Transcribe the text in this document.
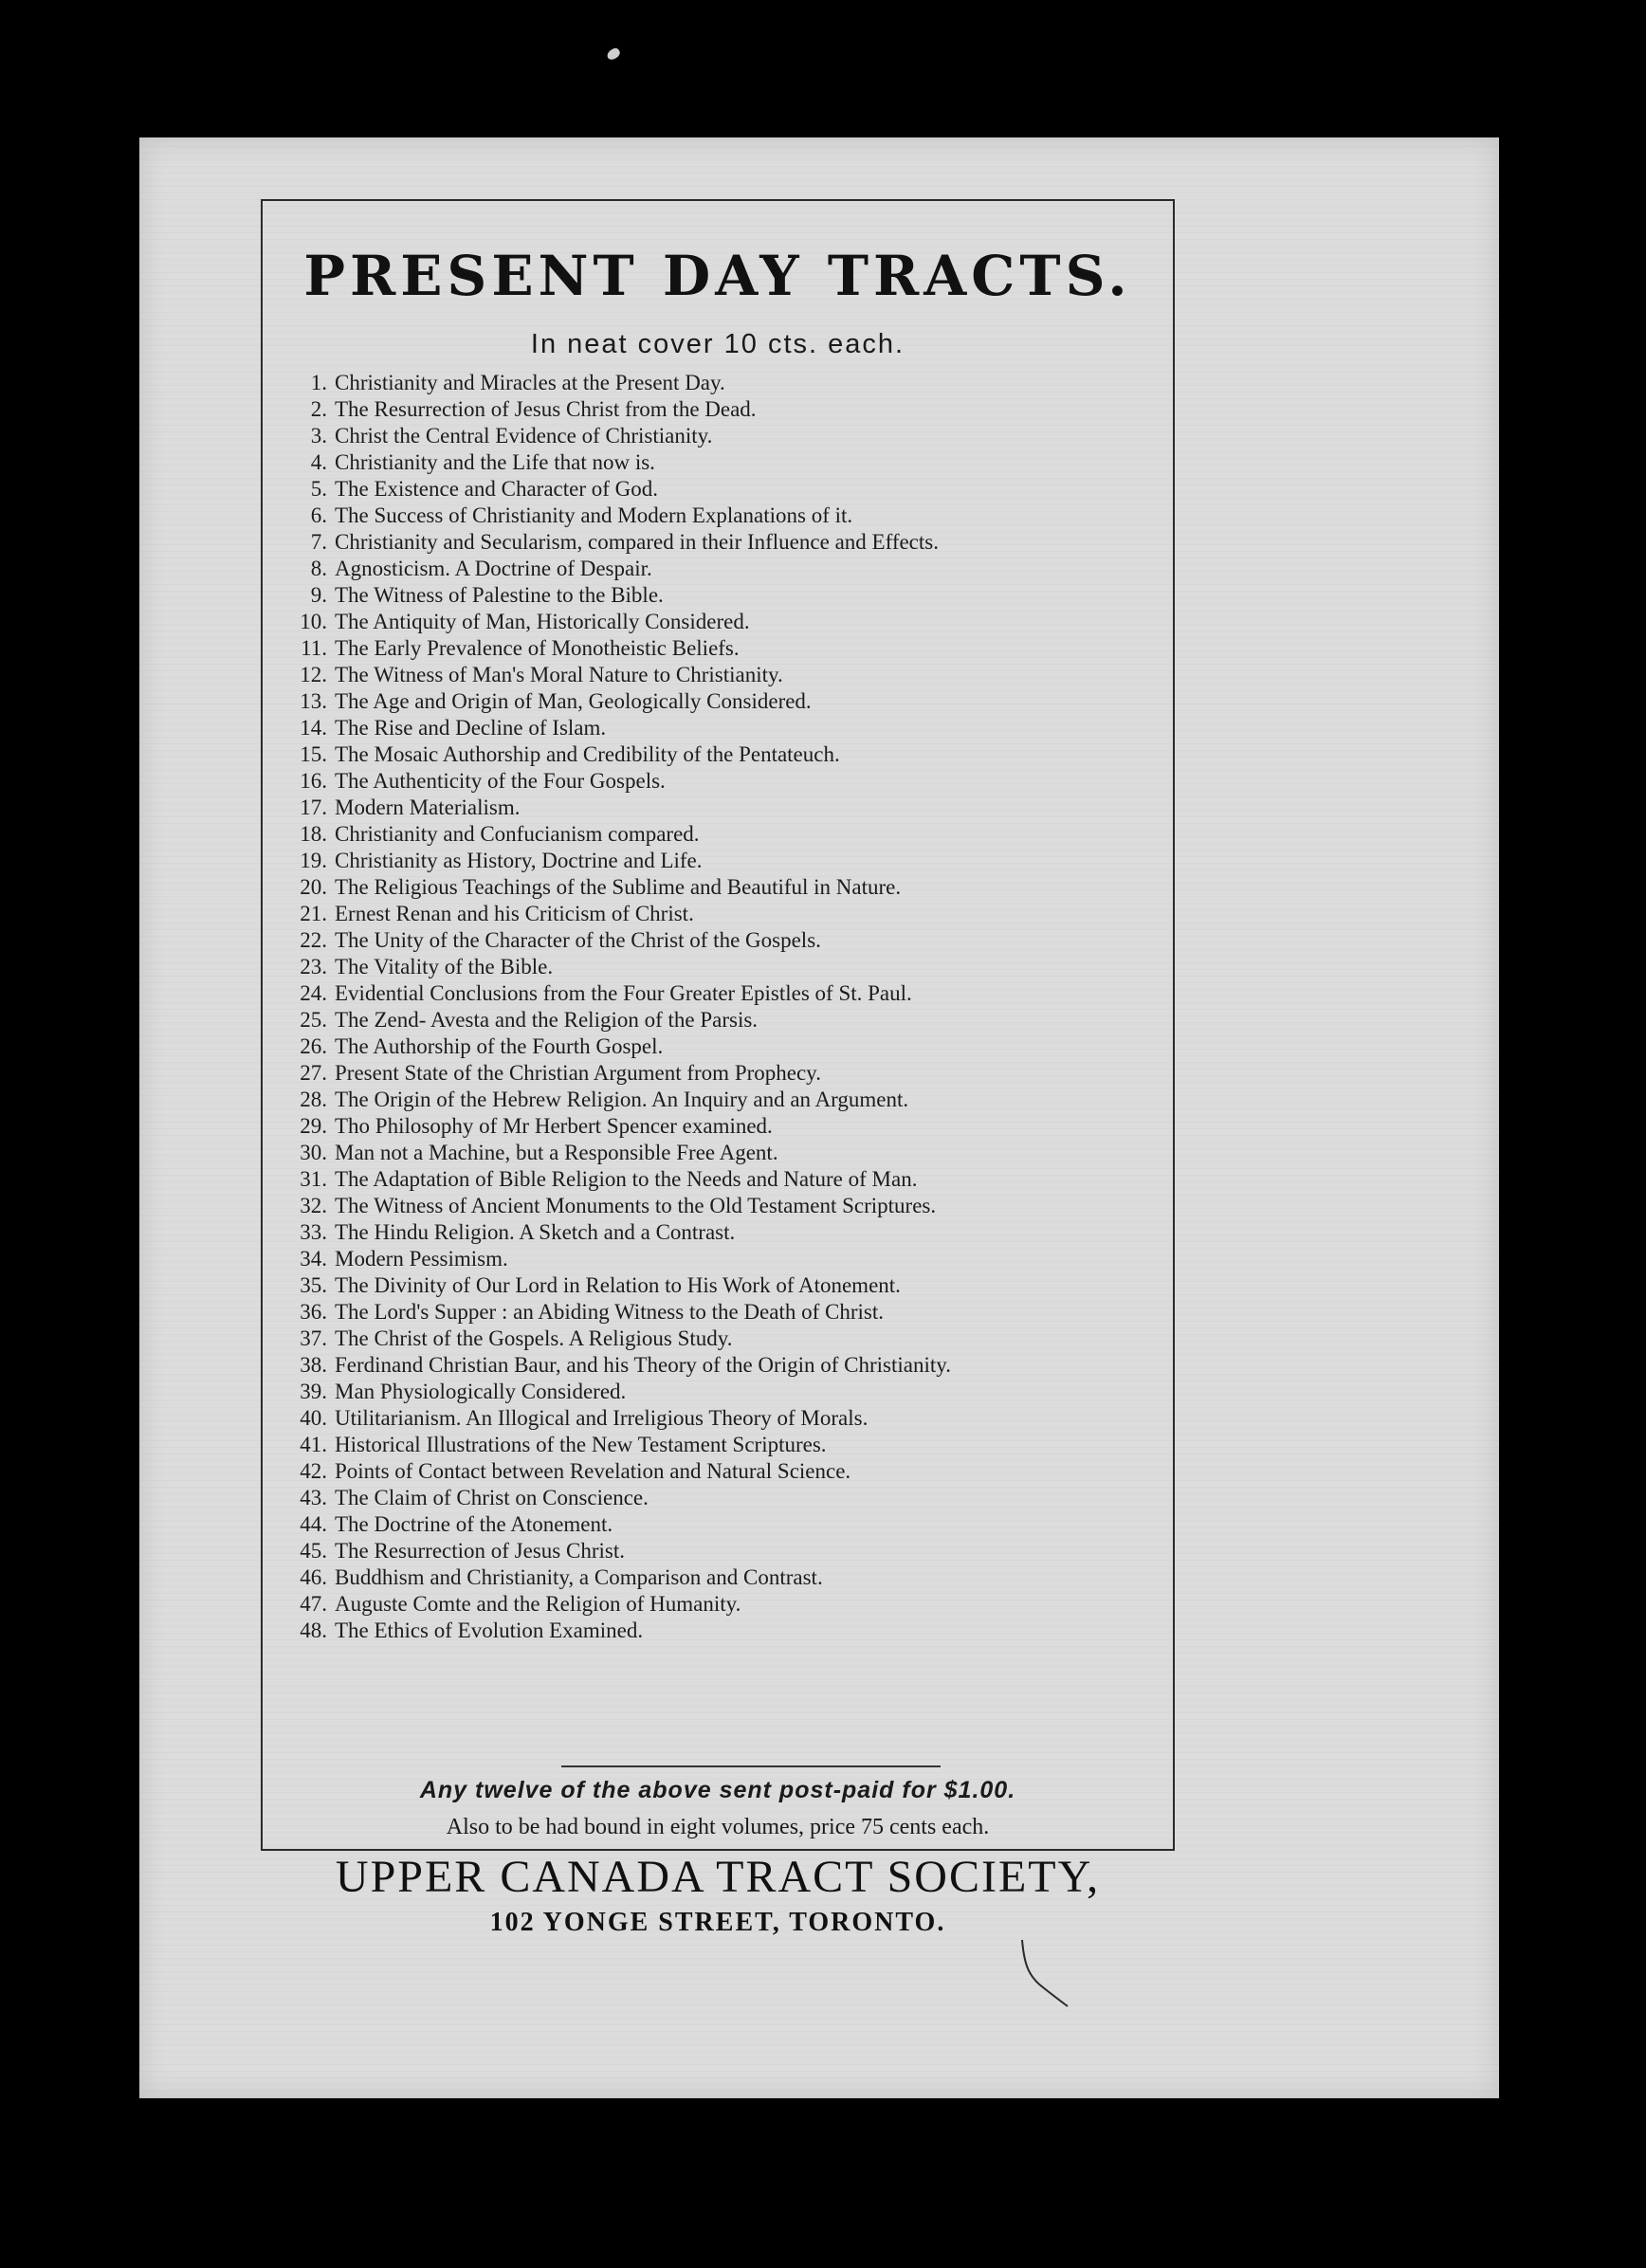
PRESENT DAY TRACTS.
In neat cover 10 cts. each.
1. Christianity and Miracles at the Present Day.
2. The Resurrection of Jesus Christ from the Dead.
3. Christ the Central Evidence of Christianity.
4. Christianity and the Life that now is.
5. The Existence and Character of God.
6. The Success of Christianity and Modern Explanations of it.
7. Christianity and Secularism, compared in their Influence and Effects.
8. Agnosticism. A Doctrine of Despair.
9. The Witness of Palestine to the Bible.
10. The Antiquity of Man, Historically Considered.
11. The Early Prevalence of Monotheistic Beliefs.
12. The Witness of Man's Moral Nature to Christianity.
13. The Age and Origin of Man, Geologically Considered.
14. The Rise and Decline of Islam.
15. The Mosaic Authorship and Credibility of the Pentateuch.
16. The Authenticity of the Four Gospels.
17. Modern Materialism.
18. Christianity and Confucianism compared.
19. Christianity as History, Doctrine and Life.
20. The Religious Teachings of the Sublime and Beautiful in Nature.
21. Ernest Renan and his Criticism of Christ.
22. The Unity of the Character of the Christ of the Gospels.
23. The Vitality of the Bible.
24. Evidential Conclusions from the Four Greater Epistles of St. Paul.
25. The Zend- Avesta and the Religion of the Parsis.
26. The Authorship of the Fourth Gospel.
27. Present State of the Christian Argument from Prophecy.
28. The Origin of the Hebrew Religion. An Inquiry and an Argument.
29. Tho Philosophy of Mr Herbert Spencer examined.
30. Man not a Machine, but a Responsible Free Agent.
31. The Adaptation of Bible Religion to the Needs and Nature of Man.
32. The Witness of Ancient Monuments to the Old Testament Scriptures.
33. The Hindu Religion. A Sketch and a Contrast.
34. Modern Pessimism.
35. The Divinity of Our Lord in Relation to His Work of Atonement.
36. The Lord's Supper : an Abiding Witness to the Death of Christ.
37. The Christ of the Gospels. A Religious Study.
38. Ferdinand Christian Baur, and his Theory of the Origin of Christianity.
39. Man Physiologically Considered.
40. Utilitarianism. An Illogical and Irreligious Theory of Morals.
41. Historical Illustrations of the New Testament Scriptures.
42. Points of Contact between Revelation and Natural Science.
43. The Claim of Christ on Conscience.
44. The Doctrine of the Atonement.
45. The Resurrection of Jesus Christ.
46. Buddhism and Christianity, a Comparison and Contrast.
47. Auguste Comte and the Religion of Humanity.
48. The Ethics of Evolution Examined.
Any twelve of the above sent post-paid for $1.00.
Also to be had bound in eight volumes, price 75 cents each.
UPPER CANADA TRACT SOCIETY,
102 YONGE STREET, TORONTO.
